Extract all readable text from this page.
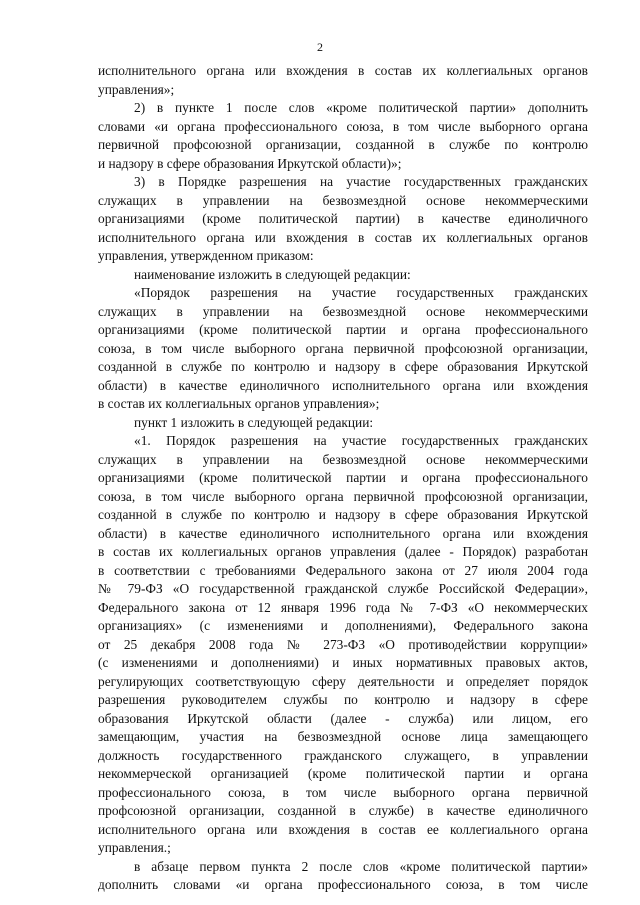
2
исполнительного органа или вхождения в состав их коллегиальных органов
управления»;
2) в пункте 1 после слов «кроме политической партии» дополнить
словами «и органа профессионального союза, в том числе выборного органа
первичной профсоюзной организации, созданной в службе по контролю
и надзору в сфере образования Иркутской области)»;
3) в Порядке разрешения на участие государственных гражданских
служащих в управлении на безвозмездной основе некоммерческими
организациями (кроме политической партии) в качестве единоличного
исполнительного органа или вхождения в состав их коллегиальных органов
управления, утвержденном приказом:
наименование изложить в следующей редакции:
«Порядок разрешения на участие государственных гражданских
служащих в управлении на безвозмездной основе некоммерческими
организациями (кроме политической партии и органа профессионального
союза, в том числе выборного органа первичной профсоюзной организации,
созданной в службе по контролю и надзору в сфере образования Иркутской
области) в качестве единоличного исполнительного органа или вхождения
в состав их коллегиальных органов управления»;
пункт 1 изложить в следующей редакции:
«1. Порядок разрешения на участие государственных гражданских
служащих в управлении на безвозмездной основе некоммерческими
организациями (кроме политической партии и органа профессионального
союза, в том числе выборного органа первичной профсоюзной организации,
созданной в службе по контролю и надзору в сфере образования Иркутской
области) в качестве единоличного исполнительного органа или вхождения
в состав их коллегиальных органов управления (далее - Порядок) разработан
в соответствии с требованиями Федерального закона от 27 июля 2004 года
№ 79-ФЗ «О государственной гражданской службе Российской Федерации»,
Федерального закона от 12 января 1996 года № 7-ФЗ «О некоммерческих
организациях» (с изменениями и дополнениями), Федерального закона
от 25 декабря 2008 года № 273-ФЗ «О противодействии коррупции»
(с изменениями и дополнениями) и иных нормативных правовых актов,
регулирующих соответствующую сферу деятельности и определяет порядок
разрешения руководителем службы по контролю и надзору в сфере
образования Иркутской области (далее - служба) или лицом, его
замещающим, участия на безвозмездной основе лица замещающего
должность государственного гражданского служащего, в управлении
некоммерческой организацией (кроме политической партии и органа
профессионального союза, в том числе выборного органа первичной
профсоюзной организации, созданной в службе) в качестве единоличного
исполнительного органа или вхождения в состав ее коллегиального органа
управления.;
в абзаце первом пункта 2 после слов «кроме политической партии»
дополнить словами «и органа профессионального союза, в том числе
